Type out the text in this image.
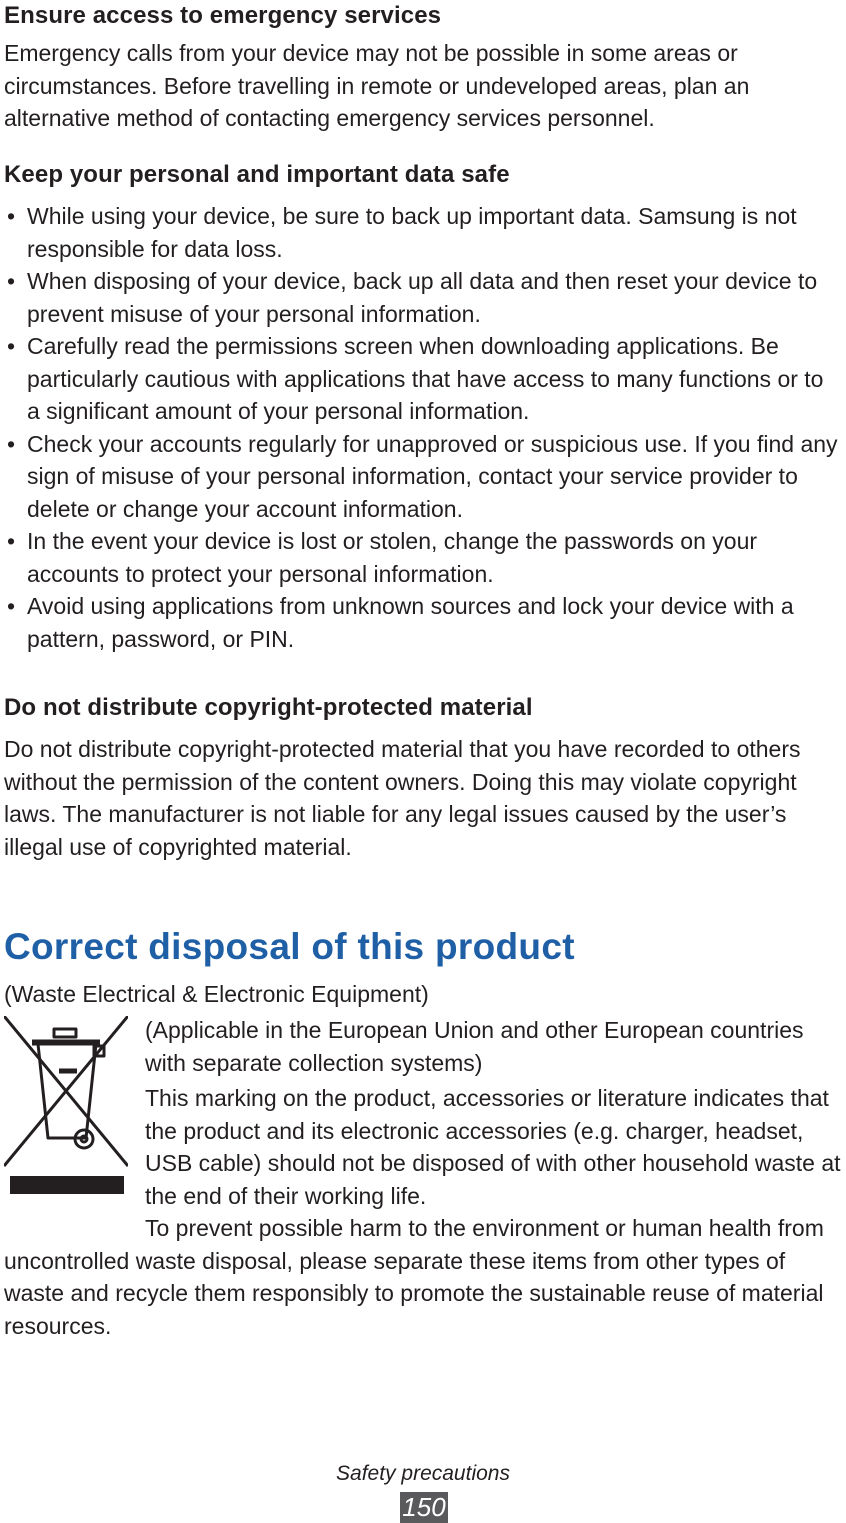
Ensure access to emergency services

Emergency calls from your device may not be possible in some areas or circumstances. Before travelling in remote or undeveloped areas, plan an alternative method of contacting emergency services personnel.

Keep your personal and important data safe
• While using your device, be sure to back up important data. Samsung is not responsible for data loss.
• When disposing of your device, back up all data and then reset your device to prevent misuse of your personal information.
• Carefully read the permissions screen when downloading applications. Be particularly cautious with applications that have access to many functions or to a significant amount of your personal information.
• Check your accounts regularly for unapproved or suspicious use. If you find any sign of misuse of your personal information, contact your service provider to delete or change your account information.
• In the event your device is lost or stolen, change the passwords on your accounts to protect your personal information.
• Avoid using applications from unknown sources and lock your device with a pattern, password, or PIN.
Do not distribute copyright-protected material

Do not distribute copyright-protected material that you have recorded to others without the permission of the content owners. Doing this may violate copyright laws. The manufacturer is not liable for any legal issues caused by the user’s illegal use of copyrighted material.

Correct disposal of this product

(Waste Electrical & Electronic Equipment)

(Applicable in the European Union and other European countries with separate collection systems)

This marking on the product, accessories or literature indicates that the product and its electronic accessories (e.g. charger, headset, USB cable) should not be disposed of with other household waste at the end of their working life.

To prevent possible harm to the environment or human health from uncontrolled waste disposal, please separate these items from other types of waste and recycle them responsibly to promote the sustainable reuse of material resources.

Safety precautions
150
